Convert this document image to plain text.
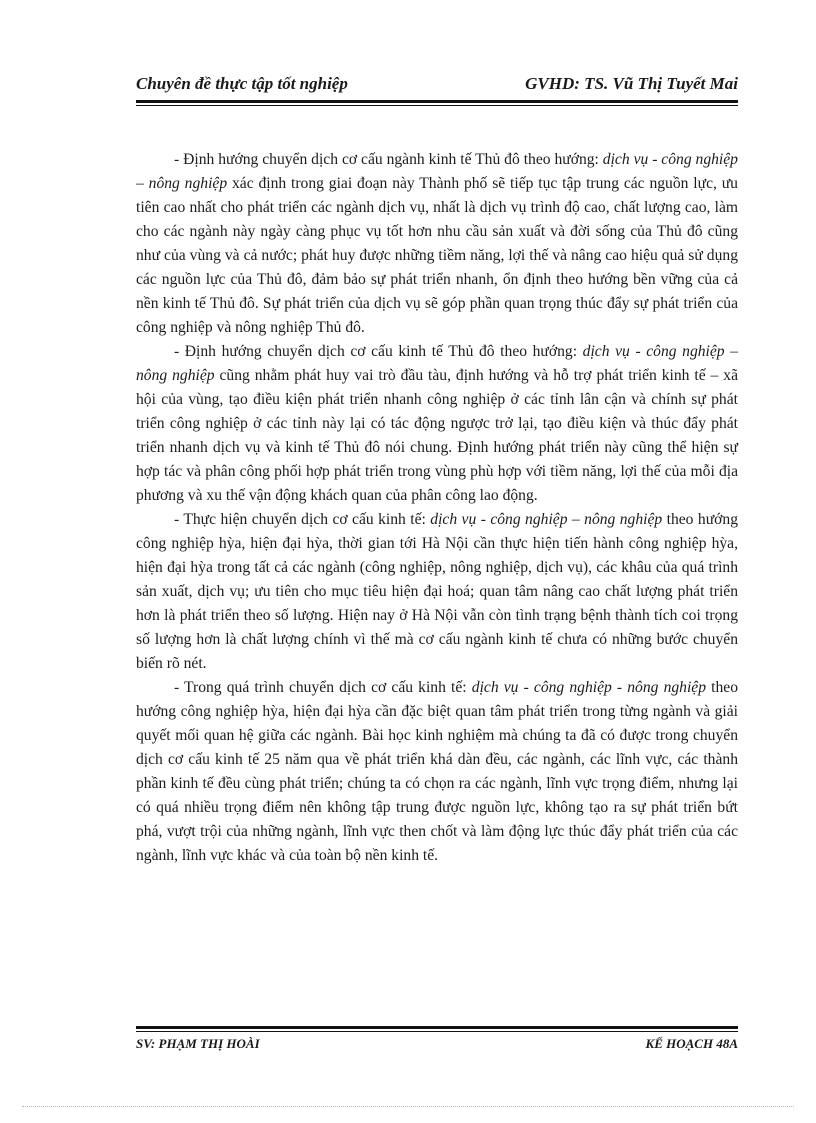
Chuyên đề thực tập tốt nghiệp	GVHD: TS. Vũ Thị Tuyết Mai

- Định hướng chuyển dịch cơ cấu ngành kinh tế Thủ đô theo hướng: dịch vụ - công nghiệp – nông nghiệp xác định trong giai đoạn này Thành phố sẽ tiếp tục tập trung các nguồn lực, ưu tiên cao nhất cho phát triển các ngành dịch vụ, nhất là dịch vụ trình độ cao, chất lượng cao, làm cho các ngành này ngày càng phục vụ tốt hơn nhu cầu sản xuất và đời sống của Thủ đô cũng như của vùng và cả nước; phát huy được những tiềm năng, lợi thế và nâng cao hiệu quả sử dụng các nguồn lực của Thủ đô, đảm bảo sự phát triển nhanh, ổn định theo hướng bền vững của cả nền kinh tế Thủ đô. Sự phát triển của dịch vụ sẽ góp phần quan trọng thúc đẩy sự phát triển của công nghiệp và nông nghiệp Thủ đô.

- Định hướng chuyển dịch cơ cấu kinh tế Thủ đô theo hướng: dịch vụ - công nghiệp – nông nghiệp cũng nhằm phát huy vai trò đầu tàu, định hướng và hỗ trợ phát triển kinh tế – xã hội của vùng, tạo điều kiện phát triển nhanh công nghiệp ở các tỉnh lân cận và chính sự phát triển công nghiệp ở các tỉnh này lại có tác động ngược trở lại, tạo điều kiện và thúc đẩy phát triển nhanh dịch vụ và kinh tế Thủ đô nói chung. Định hướng phát triển này cũng thể hiện sự hợp tác và phân công phối hợp phát triển trong vùng phù hợp với tiềm năng, lợi thế của mỗi địa phương và xu thế vận động khách quan của phân công lao động.

- Thực hiện chuyển dịch cơ cấu kinh tế: dịch vụ - công nghiệp – nông nghiệp theo hướng công nghiệp hỳa, hiện đại hỳa, thời gian tới Hà Nội cần thực hiện tiến hành công nghiệp hỳa, hiện đại hỳa trong tất cả các ngành (công nghiệp, nông nghiệp, dịch vụ), các khâu của quá trình sản xuất, dịch vụ; ưu tiên cho mục tiêu hiện đại hoá; quan tâm nâng cao chất lượng phát triển hơn là phát triển theo số lượng. Hiện nay ở Hà Nội vẫn còn tình trạng bệnh thành tích coi trọng số lượng hơn là chất lượng chính vì thế mà cơ cấu ngành kinh tế chưa có những bước chuyển biến rõ nét.

- Trong quá trình chuyển dịch cơ cấu kinh tế: dịch vụ - công nghiệp - nông nghiệp theo hướng công nghiệp hỳa, hiện đại hỳa cần đặc biệt quan tâm phát triển trong từng ngành và giải quyết mối quan hệ giữa các ngành. Bài học kinh nghiệm mà chúng ta đã có được trong chuyển dịch cơ cấu kinh tế 25 năm qua về phát triển khá dàn đều, các ngành, các lĩnh vực, các thành phần kinh tế đều cùng phát triển; chúng ta có chọn ra các ngành, lĩnh vực trọng điểm, nhưng lại có quá nhiều trọng điểm nên không tập trung được nguồn lực, không tạo ra sự phát triển bứt phá, vượt trội của những ngành, lĩnh vực then chốt và làm động lực thúc đẩy phát triển của các ngành, lĩnh vực khác và của toàn bộ nền kinh tế.

SV: PHẠM THỊ HOÀI	KẾ HOẠCH 48A
